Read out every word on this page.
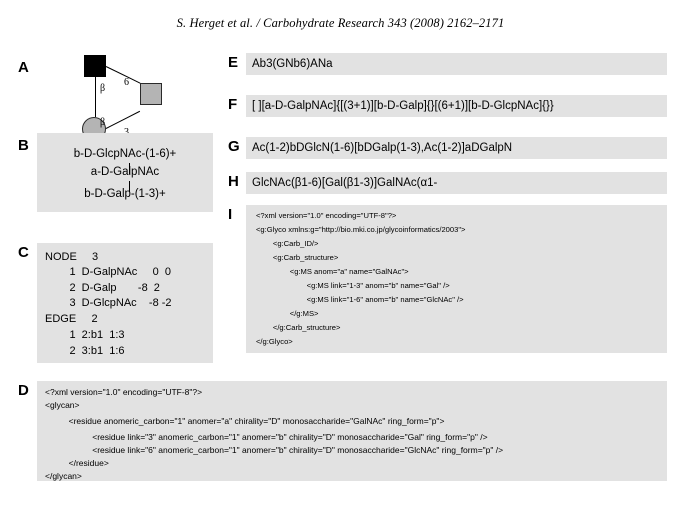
S. Herget et al. / Carbohydrate Research 343 (2008) 2162–2171
A
β
6
β
B	b-D-GlcpNAc-(1-6)+
a-D-GalpNAc
b-D-Galp-(1-3)+
C NODE     3
1  D-GalpNAc     0  0
2  D-Galp       -8  2
3  D-GlcpNAc    -8 -2
EDGE     2
1  2:b1  1:3
2  3:b1  1:6
D <?xml version="1.0" encoding="UTF-8"?>
<glycan>
<residue anomeric_carbon="1" anomer="a" chirality="D" monosaccharide="GalNAc" ring_form="p">
<residue link="3" anomeric_carbon="1" anomer="b" chirality="D" monosaccharide="Gal" ring_form="p" />
<residue link="6" anomeric_carbon="1" anomer="b" chirality="D" monosaccharide="GlcNAc" ring_form="p" />
</residue>
</glycan>
E Ab3(GNb6)ANa
F [ ][a-D-GalpNAc]{[(3+1)][b-D-Galp]{}[(6+1)][b-D-GlcpNAc]{}}
G Ac(1-2)bDGlcN(1-6)[bDGalp(1-3),Ac(1-2)]aDGalpN
H GlcNAc(β1-6)[Gal(β1-3)]GalNAc(α1-
I	<?xml version="1.0" encoding="UTF-8"?>
<g:Glyco xmlns:g="http://bio.mki.co.jp/glycoinformatics/2003">
<g:Carb_ID/>
<g:Carb_structure>
<g:MS anom="a" name="GalNAc">
<g:MS link="1-3" anom="b" name="Gal" />
<g:MS link="1-6" anom="b" name="GlcNAc" />
</g:MS>
</g:Carb_structure>
</g:Glyco>
